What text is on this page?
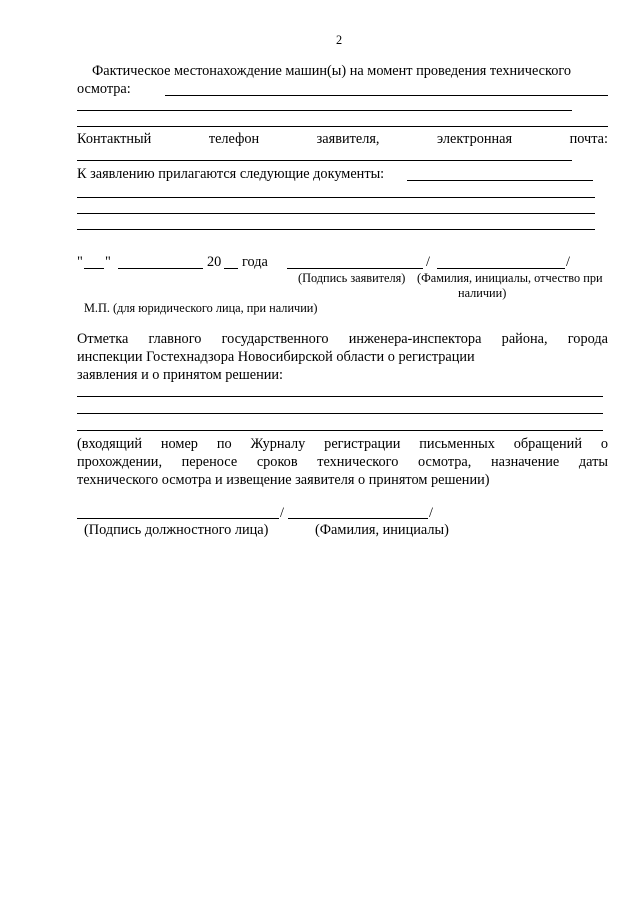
2
Фактическое местонахождение машин(ы) на момент проведения технического
осмотра:
Контактный	телефон	заявителя,	электронная	почта:
К заявлению прилагаются следующие документы:
" "	20 года	/	/
(Подпись заявителя) (Фамилия, инициалы, отчество при
наличии)
М.П. (для юридического лица, при наличии)
Отметка главного государственного инженера-инспектора района, города
инспекции Гостехнадзора Новосибирской области о регистрации
заявления и о принятом решении:
(входящий номер по Журналу регистрации письменных обращений о
прохождении, переносе сроков технического осмотра, назначение даты
технического осмотра и извещение заявителя о принятом решении)
/	/
(Подпись должностного лица)	(Фамилия, инициалы)
